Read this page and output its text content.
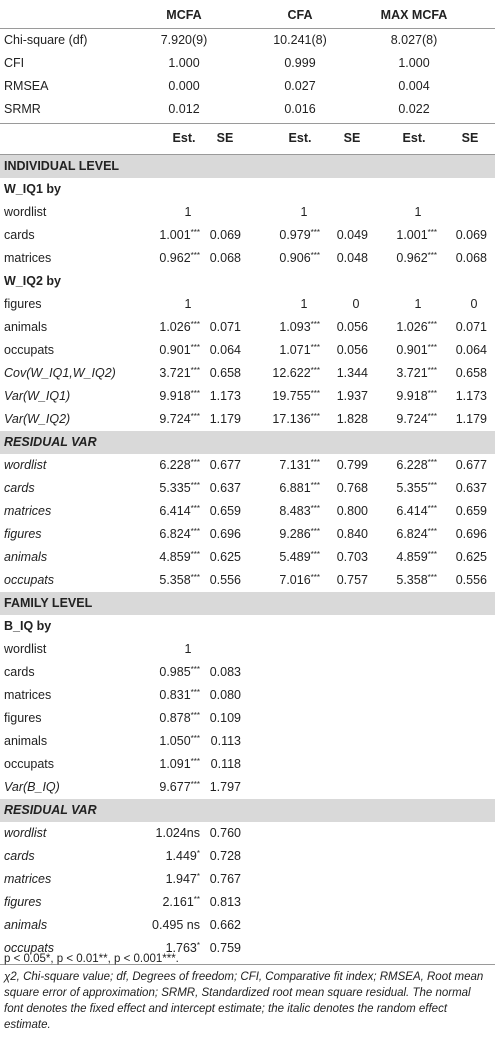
MCFA	CFA	MAX MCFA
Chi-square (df)	7.920(9)	10.241(8)	8.027(8)
CFI	1.000	0.999	1.000
RMSEA	0.000	0.027	0.004
SRMR	0.012	0.016	0.022
Est.	SE	Est.	SE	Est.	SE
INDIVIDUAL LEVEL
W_IQ1 by
wordlist	1	1	1
cards	1.001*** 0.069	0.979*** 0.049 1.001*** 0.069
matrices	0.962*** 0.068	0.906*** 0.048 0.962*** 0.068
W_IQ2 by
figures	1	1	0	1	0
animals	1.026*** 0.071	1.093*** 0.056 1.026*** 0.071
occupats	0.901*** 0.064	1.071*** 0.056 0.901*** 0.064
Cov(W_IQ1,W_IQ2)	3.721*** 0.658	12.622*** 1.344 3.721*** 0.658
Var(W_IQ1)	9.918*** 1.173	19.755*** 1.937 9.918*** 1.173
Var(W_IQ2)	9.724*** 1.179	17.136*** 1.828 9.724*** 1.179
RESIDUAL VAR
wordlist	6.228*** 0.677	7.131*** 0.799 6.228*** 0.677
cards	5.335*** 0.637	6.881*** 0.768 5.355*** 0.637
matrices	6.414*** 0.659	8.483*** 0.800 6.414*** 0.659
figures	6.824*** 0.696	9.286*** 0.840 6.824*** 0.696
animals	4.859*** 0.625	5.489*** 0.703 4.859*** 0.625
occupats	5.358*** 0.556	7.016*** 0.757 5.358*** 0.556
FAMILY LEVEL
B_IQ by
wordlist	1
cards	0.985*** 0.083
matrices	0.831*** 0.080
figures	0.878*** 0.109
animals	1.050*** 0.113
occupats	1.091*** 0.118
Var(B_IQ)	9.677*** 1.797
RESIDUAL VAR
wordlist	1.024ns 0.760
cards	1.449* 0.728
matrices	1.947* 0.767
figures	2.161** 0.813
animals	0.495 ns 0.662
occupats	1.763* 0.759

p < 0.05*, p < 0.01**, p < 0.001***.

χ2, Chi-square value; df, Degrees of freedom; CFI, Comparative fit index; RMSEA, Root mean square error of approximation; SRMR, Standardized root mean square residual. The normal font denotes the fixed effect and intercept estimate; the italic denotes the random effect estimate.
